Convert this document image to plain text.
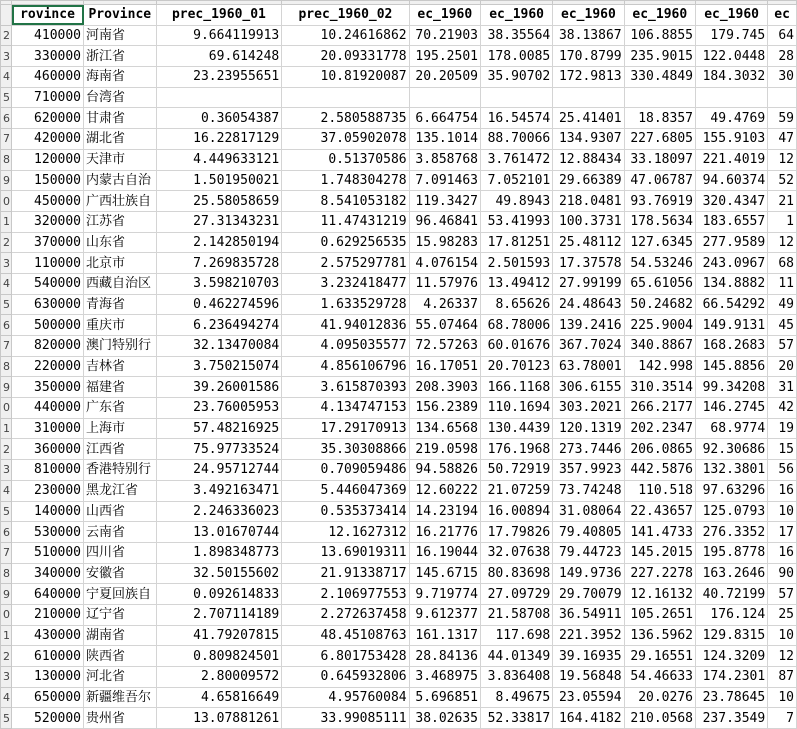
	rovince	Province	prec_1960_01	prec_1960_02	ec_1960	ec_1960	ec_1960	ec_1960	ec_1960	ec
2	410000	河南省	9.664119913	10.24616862	70.21903	38.35564	38.13867	106.8855	179.745	64
3	330000	浙江省	69.614248	20.09331778	195.2501	178.0085	170.8799	235.9015	122.0448	28
4	460000	海南省	23.23955651	10.81920087	20.20509	35.90702	172.9813	330.4849	184.3032	30
5	710000	台湾省								
6	620000	甘肃省	0.36054387	2.580588735	6.664754	16.54574	25.41401	18.8357	49.4769	59
7	420000	湖北省	16.22817129	37.05902078	135.1014	88.70066	134.9307	227.6805	155.9103	47
8	120000	天津市	4.449633121	0.51370586	3.858768	3.761472	12.88434	33.18097	221.4019	12
9	150000	内蒙古自治	1.501950021	1.748304278	7.091463	7.052101	29.66389	47.06787	94.60374	52
0	450000	广西壮族自	25.58058659	8.541053182	119.3427	49.8943	218.0481	93.76919	320.4347	21
1	320000	江苏省	27.31343231	11.47431219	96.46841	53.41993	100.3731	178.5634	183.6557	1
2	370000	山东省	2.142850194	0.629256535	15.98283	17.81251	25.48112	127.6345	277.9589	12
3	110000	北京市	7.269835728	2.575297781	4.076154	2.501593	17.37578	54.53246	243.0967	68
4	540000	西藏自治区	3.598210703	3.232418477	11.57976	13.49412	27.99199	65.61056	134.8882	11
5	630000	青海省	0.462274596	1.633529728	4.26337	8.65626	24.48643	50.24682	66.54292	49
6	500000	重庆市	6.236494274	41.94012836	55.07464	68.78006	139.2416	225.9004	149.9131	45
7	820000	澳门特别行	32.13470084	4.095035577	72.57263	60.01676	367.7024	340.8867	168.2683	57
8	220000	吉林省	3.750215074	4.856106796	16.17051	20.70123	63.78001	142.998	145.8856	20
9	350000	福建省	39.26001586	3.615870393	208.3903	166.1168	306.6155	310.3514	99.34208	31
0	440000	广东省	23.76005953	4.134747153	156.2389	110.1694	303.2021	266.2177	146.2745	42
1	310000	上海市	57.48216925	17.29170913	134.6568	130.4439	120.1319	202.2347	68.9774	19
2	360000	江西省	75.97733524	35.30308866	219.0598	176.1968	273.7446	206.0865	92.30686	15
3	810000	香港特别行	24.95712744	0.709059486	94.58826	50.72919	357.9923	442.5876	132.3801	56
4	230000	黑龙江省	3.492163471	5.446047369	12.60222	21.07259	73.74248	110.518	97.63296	16
5	140000	山西省	2.246336023	0.535373414	14.23194	16.00894	31.08064	22.43657	125.0793	10
6	530000	云南省	13.01670744	12.1627312	16.21776	17.79826	79.40805	141.4733	276.3352	17
7	510000	四川省	1.898348773	13.69019311	16.19044	32.07638	79.44723	145.2015	195.8778	16
8	340000	安徽省	32.50155602	21.91338717	145.6715	80.83698	149.9736	227.2278	163.2646	90
9	640000	宁夏回族自	0.092614833	2.106977553	9.719774	27.09729	29.70079	12.16132	40.72199	57
0	210000	辽宁省	2.707114189	2.272637458	9.612377	21.58708	36.54911	105.2651	176.124	25
1	430000	湖南省	41.79207815	48.45108763	161.1317	117.698	221.3952	136.5962	129.8315	10
2	610000	陕西省	0.809824501	6.801753428	28.84136	44.01349	39.16935	29.16551	124.3209	12
3	130000	河北省	2.80009572	0.645932806	3.468975	3.836408	19.56848	54.46633	174.2301	87
4	650000	新疆维吾尔	4.65816649	4.95760084	5.696851	8.49675	23.05594	20.0276	23.78645	10
5	520000	贵州省	13.07881261	33.99085111	38.02635	52.33817	164.4182	210.0568	237.3549	7
